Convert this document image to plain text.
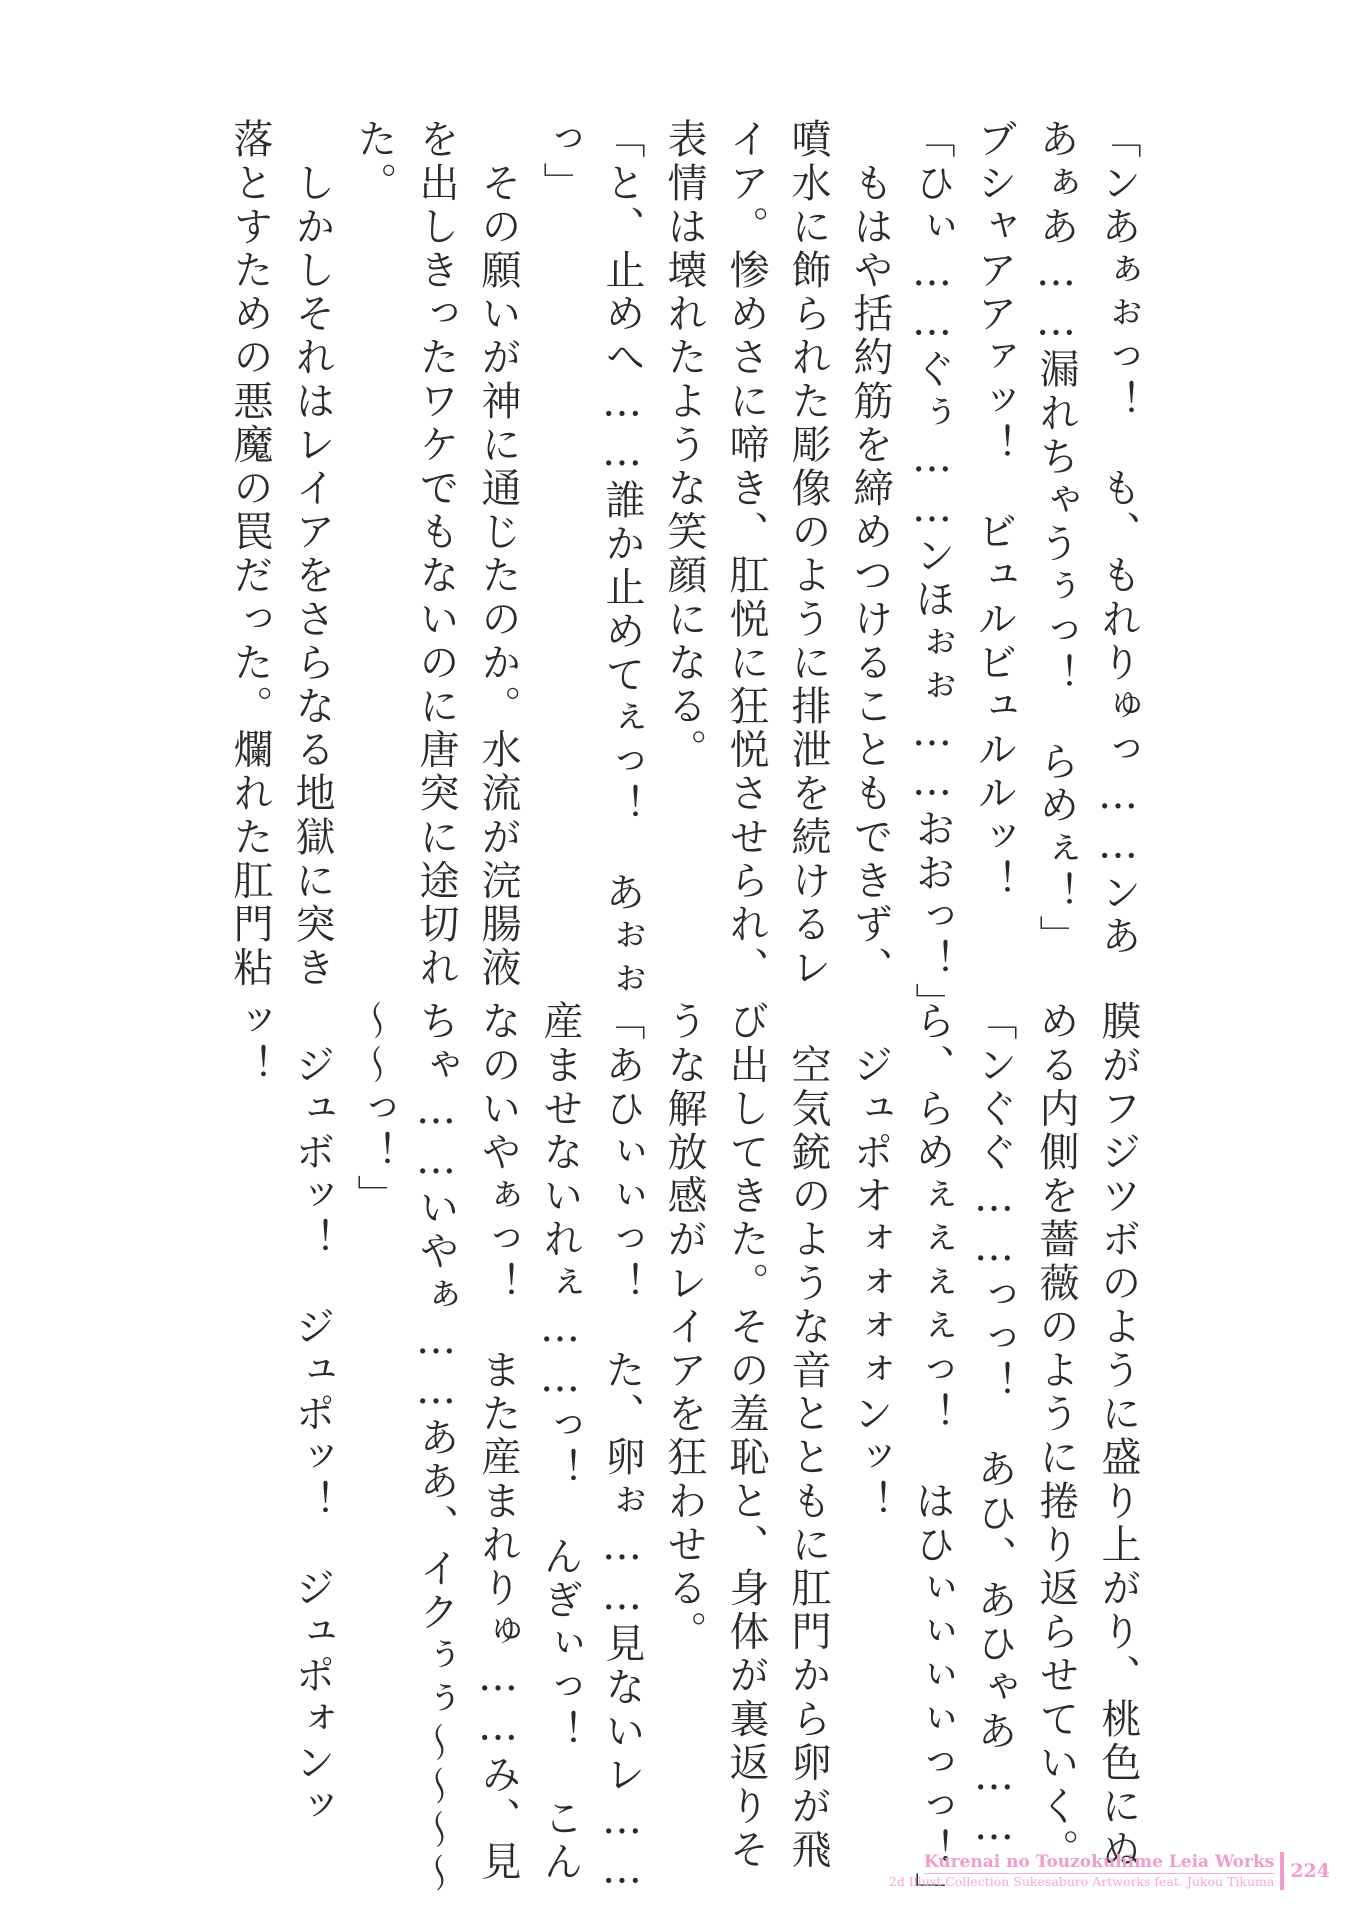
「ンあぁぉっ！　も、もれりゅっ……ンあ
あぁあ……漏れちゃうぅっ！　らめぇ！」
ブシャアアァッ！　ビュルビュルルッ！
「ひぃ……ぐぅ……ンほぉぉ……おおっ！」
　もはや括約筋を締めつけることもできず、
噴水に飾られた彫像のように排泄を続けるレ
イア。惨めさに啼き、肛悦に狂悦させられ、
表情は壊れたような笑顔になる。
「と、止めへ……誰か止めてぇっ！　あぉぉ
っ」
　その願いが神に通じたのか。水流が浣腸液
を出しきったワケでもないのに唐突に途切れ
た。
　しかしそれはレイアをさらなる地獄に突き
落とすための悪魔の罠だった。爛れた肛門粘
膜がフジツボのように盛り上がり、桃色にぬ
める内側を薔薇のように捲り返らせていく。
「ンぐぐ……っっ！　あひ、あひゃあ……
ら、らめぇぇぇぇっ！　はひぃぃぃぃっっ！」
　ジュポオォォォォンッ！
　空気銃のような音とともに肛門から卵が飛
び出してきた。その羞恥と、身体が裏返りそ
うな解放感がレイアを狂わせる。
「あひぃぃっ！　た、卵ぉ……見ないレ……
産ませないれぇ……っ！　んぎぃっ！　こん
なのいやぁっ！　また産まれりゅ……み、見
ちゃ……いやぁ……ああ、イクぅぅ〜〜〜〜
〜〜っ！」
　ジュボッ！　ジュポッ！　ジュポォンッ
ッ！
Kurenai no Touzokuhime Leia Works
2d Illust Collection Sukesaburo Artworks feat. Jukou Tikuma 224
